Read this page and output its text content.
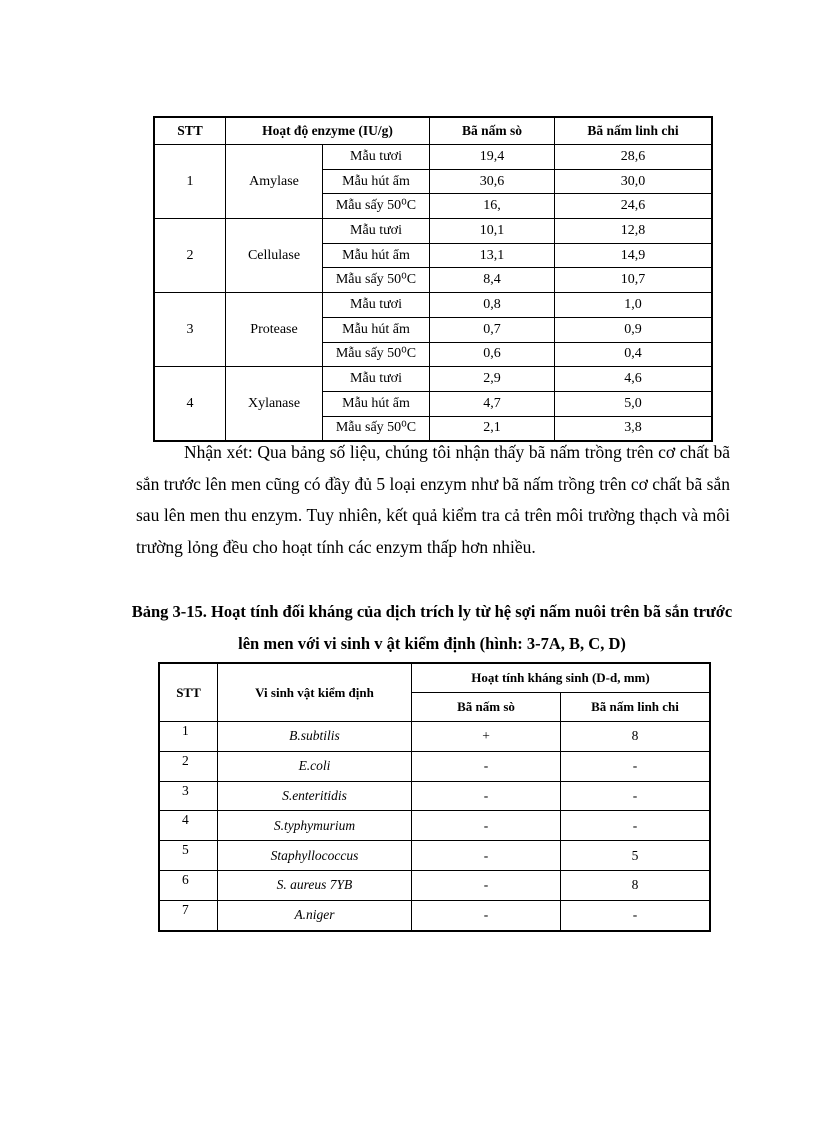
STT	Hoạt độ enzyme (IU/g)		Bã nấm sò	Bã nấm linh chi
1	Amylase	Mẫu tươi	19,4	28,6
		Mẫu hút ẩm	30,6	30,0
		Mẫu sấy 50⁰C	16,	24,6
2	Cellulase	Mẫu tươi	10,1	12,8
		Mẫu hút ẩm	13,1	14,9
		Mẫu sấy 50⁰C	8,4	10,7
3	Protease	Mẫu tươi	0,8	1,0
		Mẫu hút ẩm	0,7	0,9
		Mẫu sấy 50⁰C	0,6	0,4
4	Xylanase	Mẫu tươi	2,9	4,6
		Mẫu hút ẩm	4,7	5,0
		Mẫu sấy 50⁰C	2,1	3,8

Nhận xét: Qua bảng số liệu, chúng tôi nhận thấy bã nấm trồng trên cơ chất bã sắn trước lên men cũng có đầy đủ 5 loại enzym như bã nấm trồng trên cơ chất bã sắn sau lên men thu enzym. Tuy nhiên, kết quả kiểm tra cả trên môi trường thạch và môi trường lỏng đều cho hoạt tính các enzym thấp hơn nhiều.

Bảng 3-15. Hoạt tính đối kháng của dịch trích ly từ hệ sợi nấm nuôi trên bã sắn trước lên men với vi sinh v ật kiểm định (hình: 3-7A, B, C, D)

STT	Vi sinh vật kiểm định	Hoạt tính kháng sinh (D-d, mm)	
		Bã nấm sò	Bã nấm linh chi
1	B.subtilis	+	8
2	E.coli	-	-
3	S.enteritidis	-	-
4	S.typhymurium	-	-
5	Staphyllococcus	-	5
6	S. aureus 7YB	-	8
7	A.niger	-	-
